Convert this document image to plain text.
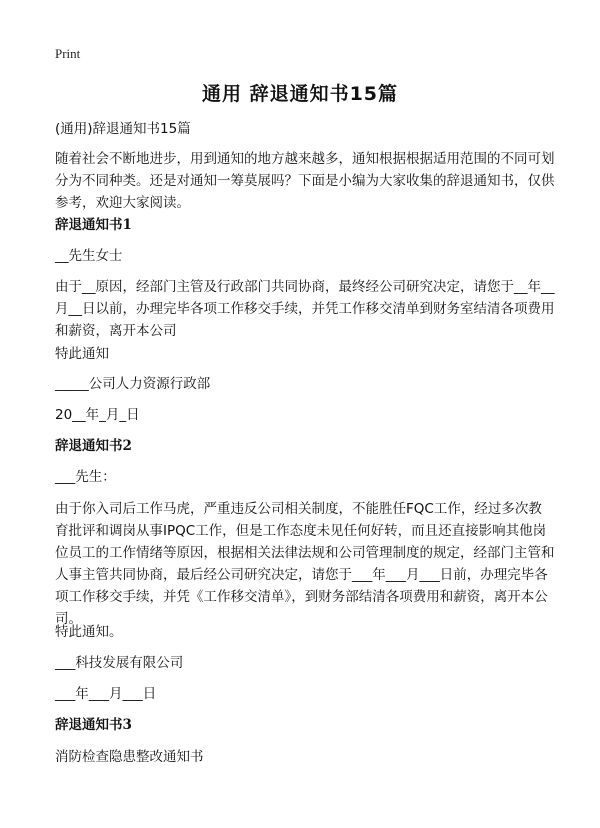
Print
通用 辞退通知书15篇
(通用)辞退通知书15篇
随着社会不断地进步，用到通知的地方越来越多，通知根据根据适用范围的不同可划分为不同种类。还是对通知一筹莫展吗？下面是小编为大家收集的辞退通知书，仅供参考，欢迎大家阅读。
辞退通知书1
__先生女士
由于__原因，经部门主管及行政部门共同协商，最终经公司研究决定，请您于__年__月__日以前，办理完毕各项工作移交手续，并凭工作移交清单到财务室结清各项费用和薪资，离开本公司
特此通知
_____公司人力资源行政部
20__年_月_日
辞退通知书2
___先生：
由于你入司后工作马虎，严重违反公司相关制度，不能胜任FQC工作，经过多次教育批评和调岗从事IPQC工作，但是工作态度未见任何好转，而且还直接影响其他岗位员工的工作情绪等原因，根据相关法律法规和公司管理制度的规定，经部门主管和人事主管共同协商，最后经公司研究决定，请您于___年___月___日前，办理完毕各项工作移交手续，并凭《工作移交清单》，到财务部结清各项费用和薪资，离开本公司。
特此通知。
___科技发展有限公司
___年___月___日
辞退通知书3
消防检查隐患整改通知书
